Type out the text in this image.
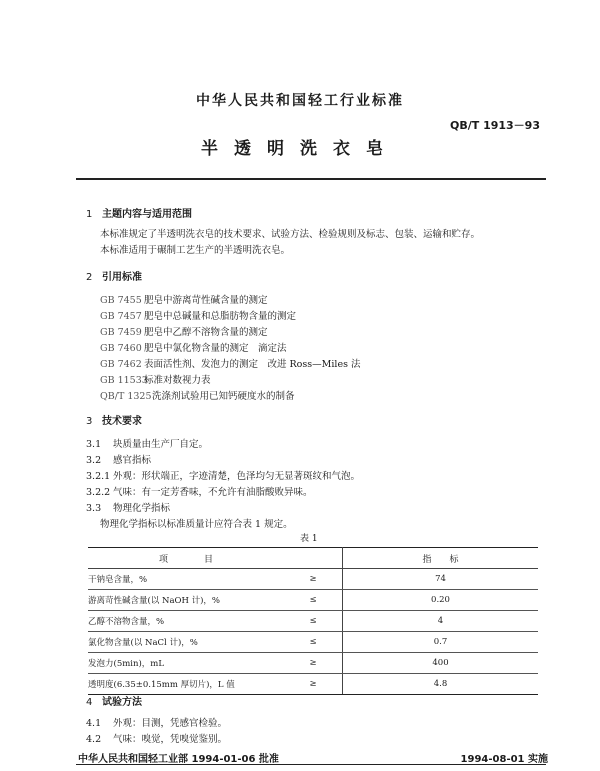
中华人民共和国轻工行业标准
QB/T 1913－93
半透明洗衣皂
1 主题内容与适用范围
本标准规定了半透明洗衣皂的技术要求、试验方法、检验规则及标志、包装、运输和贮存。
本标准适用于碾制工艺生产的半透明洗衣皂。
2 引用标准
GB 7455 肥皂中游离苛性碱含量的测定
GB 7457 肥皂中总碱量和总脂肪物含量的测定
GB 7459 肥皂中乙醇不溶物含量的测定
GB 7460 肥皂中氯化物含量的测定　滴定法
GB 7462 表面活性剂、发泡力的测定　改进 Ross—Miles 法
GB 11533标准对数视力表
QB/T 1325洗涤剂试验用已知钙硬度水的制备
3 技术要求
3.1 块质量由生产厂自定。
3.2 感官指标
3.2.1 外观：形状端正，字迹清楚，色泽均匀无显著斑纹和气泡。
3.2.2 气味：有一定芳香味，不允许有油脂酸败异味。
3.3 物理化学指标
物理化学指标以标准质量计应符合表 1 规定。
表 1
项　　　　目		指　　标
干钠皂含量，%	≥	74
游离苛性碱含量(以 NaOH 计)，%	≤	0.20
乙醇不溶物含量，%	≤	4
氯化物含量(以 NaCl 计)，%	≤	0.7
发泡力(5min)，mL	≥	400
透明度(6.35±0.15mm 厚切片)，L 值	≥	4.8
4 试验方法
4.1 外观：目测，凭感官检验。
4.2 气味：嗅觉，凭嗅觉鉴别。
中华人民共和国轻工业部 1994-01-06 批准	1994-08-01 实施
